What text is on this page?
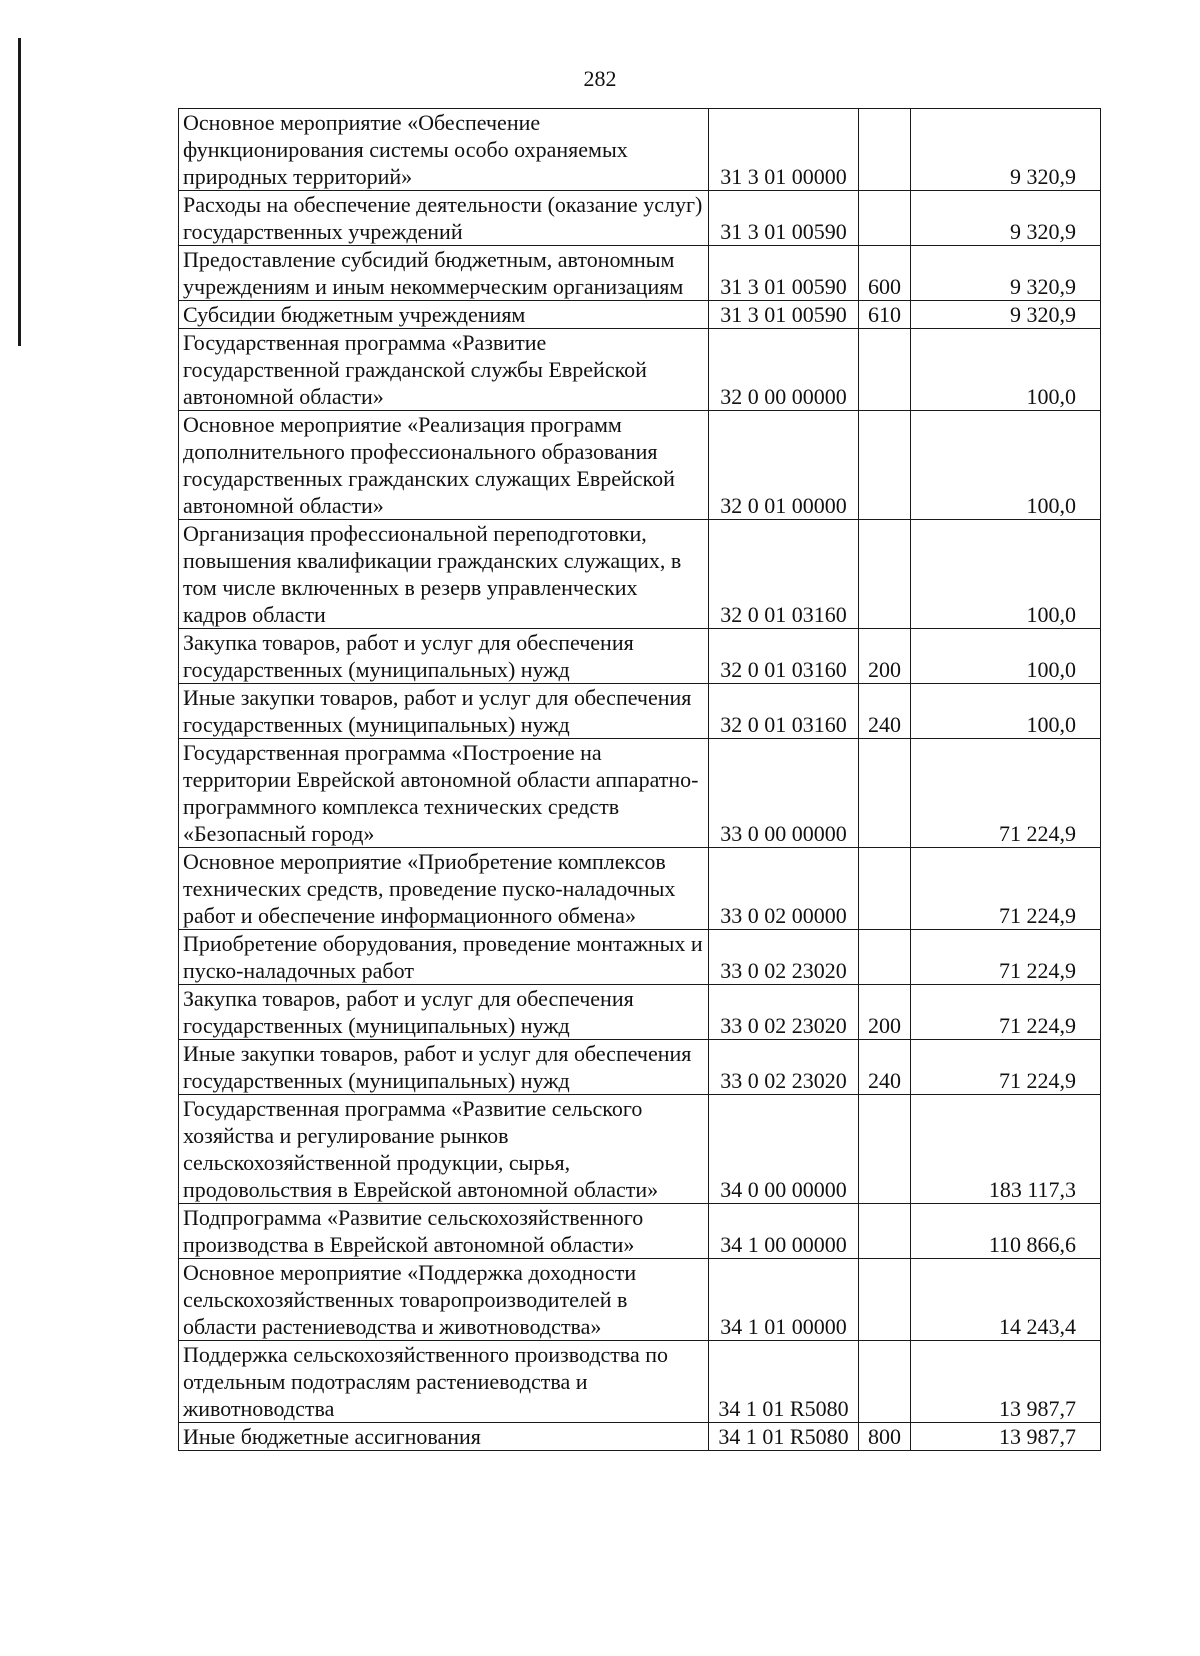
282
Основное мероприятие «Обеспечение функционирования системы особо охраняемых природных территорий»	31 3 01 00000		9 320,9
Расходы на обеспечение деятельности (оказание услуг) государственных учреждений	31 3 01 00590		9 320,9
Предоставление субсидий бюджетным, автономным учреждениям и иным некоммерческим организациям	31 3 01 00590	600	9 320,9
Субсидии бюджетным учреждениям	31 3 01 00590	610	9 320,9
Государственная программа «Развитие государственной гражданской службы Еврейской автономной области»	32 0 00 00000		100,0
Основное мероприятие «Реализация программ дополнительного профессионального образования государственных гражданских служащих Еврейской автономной области»	32 0 01 00000		100,0
Организация профессиональной переподготовки, повышения квалификации гражданских служащих, в том числе включенных в резерв управленческих кадров области	32 0 01 03160		100,0
Закупка товаров, работ и услуг для обеспечения государственных (муниципальных) нужд	32 0 01 03160	200	100,0
Иные закупки товаров, работ и услуг для обеспечения государственных (муниципальных) нужд	32 0 01 03160	240	100,0
Государственная программа «Построение на территории Еврейской автономной области аппаратно-программного комплекса технических средств «Безопасный город»	33 0 00 00000		71 224,9
Основное мероприятие «Приобретение комплексов технических средств, проведение пуско-наладочных работ и обеспечение информационного обмена»	33 0 02 00000		71 224,9
Приобретение оборудования, проведение монтажных и пуско-наладочных работ	33 0 02 23020		71 224,9
Закупка товаров, работ и услуг для обеспечения государственных (муниципальных) нужд	33 0 02 23020	200	71 224,9
Иные закупки товаров, работ и услуг для обеспечения государственных (муниципальных) нужд	33 0 02 23020	240	71 224,9
Государственная программа «Развитие сельского хозяйства и регулирование рынков сельскохозяйственной продукции, сырья, продовольствия в Еврейской автономной области»	34 0 00 00000		183 117,3
Подпрограмма «Развитие сельскохозяйственного производства в Еврейской автономной области»	34 1 00 00000		110 866,6
Основное мероприятие «Поддержка доходности сельскохозяйственных товаропроизводителей в области растениеводства и животноводства»	34 1 01 00000		14 243,4
Поддержка сельскохозяйственного производства по отдельным подотраслям растениеводства и животноводства	34 1 01 R5080		13 987,7
Иные бюджетные ассигнования	34 1 01 R5080	800	13 987,7
